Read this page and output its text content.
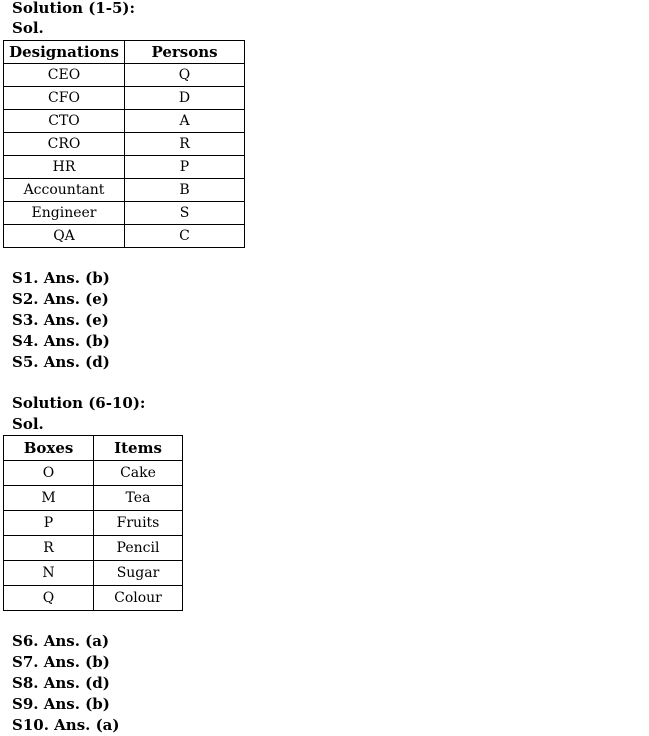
Solution (1-5):
Sol.
Designations	Persons
CEO	Q
CFO	D
CTO	A
CRO	R
HR	P
Accountant	B
Engineer	S
QA	C
S1. Ans. (b)
S2. Ans. (e)
S3. Ans. (e)
S4. Ans. (b)
S5. Ans. (d)
Solution (6-10):
Sol.
Boxes	Items
O	Cake
M	Tea
P	Fruits
R	Pencil
N	Sugar
Q	Colour
S6. Ans. (a)
S7. Ans. (b)
S8. Ans. (d)
S9. Ans. (b)
S10. Ans. (a)
